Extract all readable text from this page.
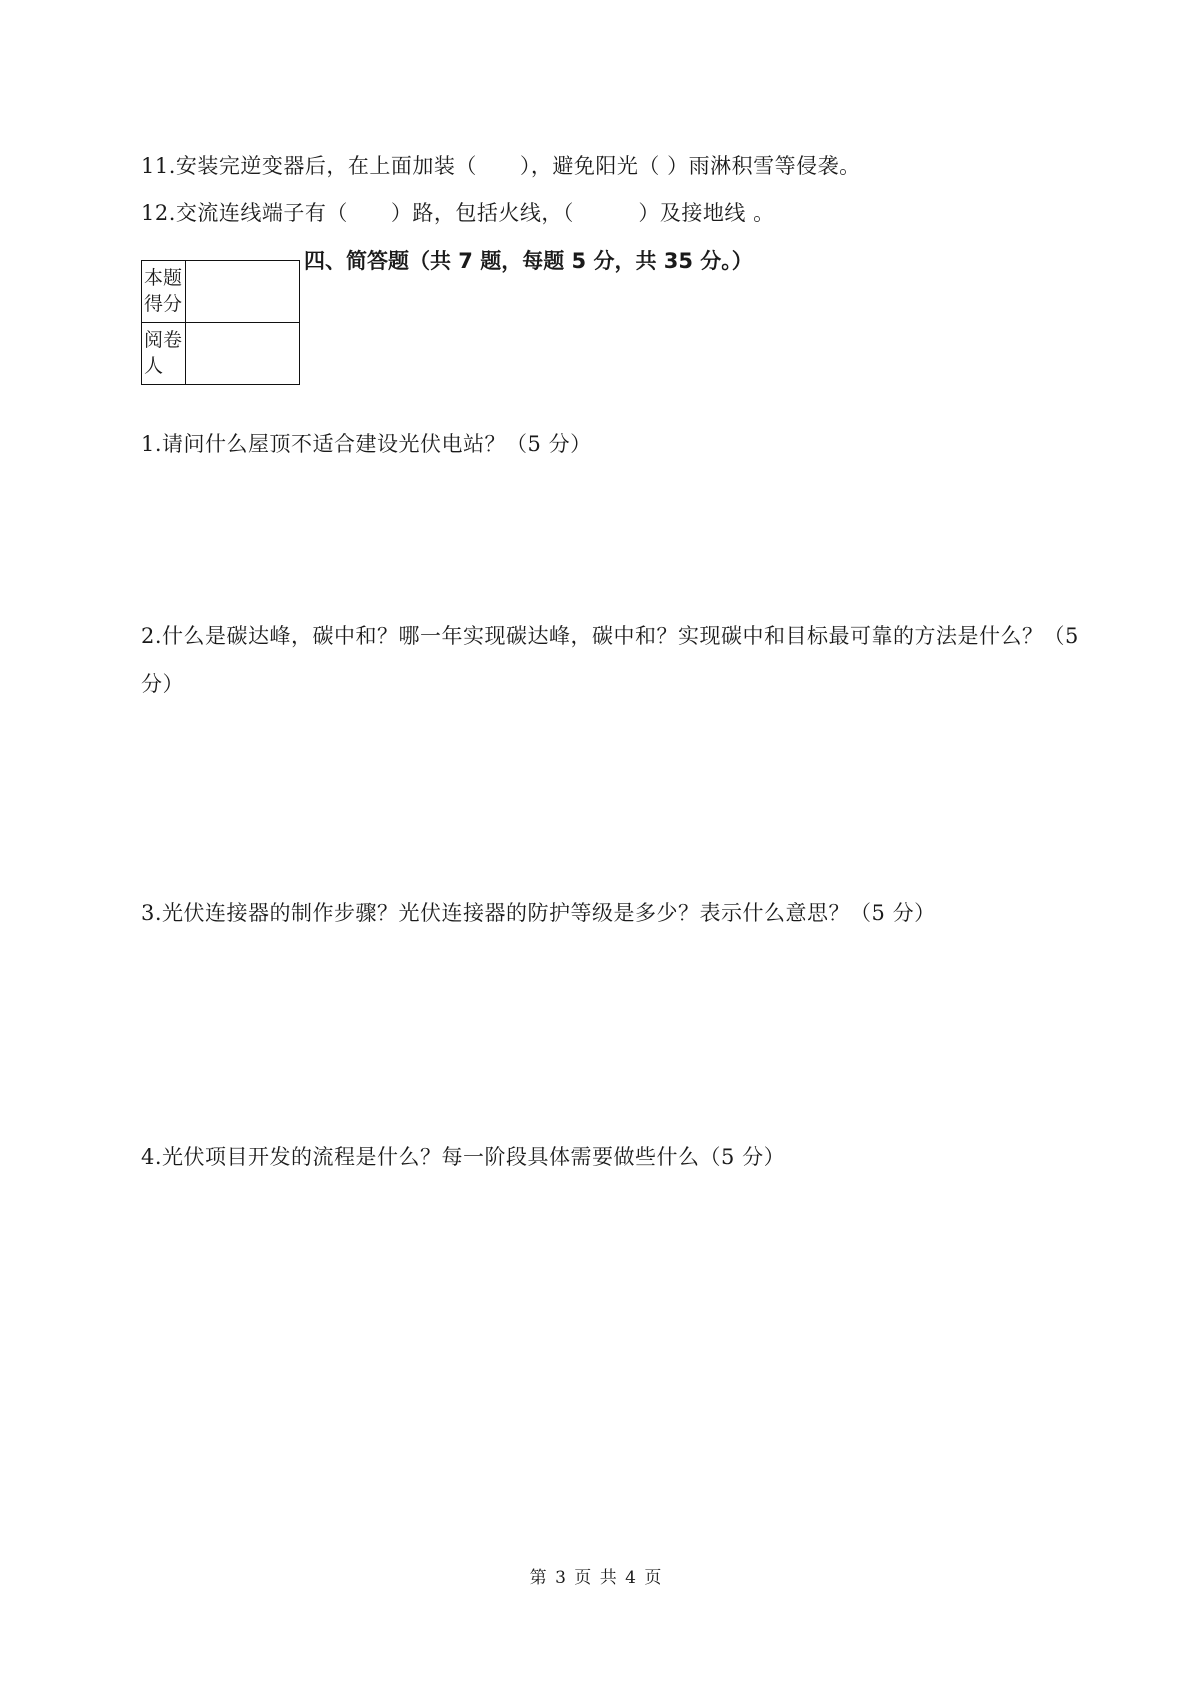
11.安装完逆变器后，在上面加装（　　），避免阳光（ ）雨淋积雪等侵袭。
12.交流连线端子有（　　）路，包括火线，（　　　）及接地线 。
本题得分	
阅卷人	
四、简答题（共 7 题，每题 5 分，共 35 分。）
1.请问什么屋顶不适合建设光伏电站？（5 分）
2.什么是碳达峰，碳中和？哪一年实现碳达峰，碳中和？实现碳中和目标最可靠的方法是什么？（5 分）
3.光伏连接器的制作步骤？光伏连接器的防护等级是多少？表示什么意思？（5 分）
4.光伏项目开发的流程是什么？每一阶段具体需要做些什么（5 分）
第 3 页 共 4 页
